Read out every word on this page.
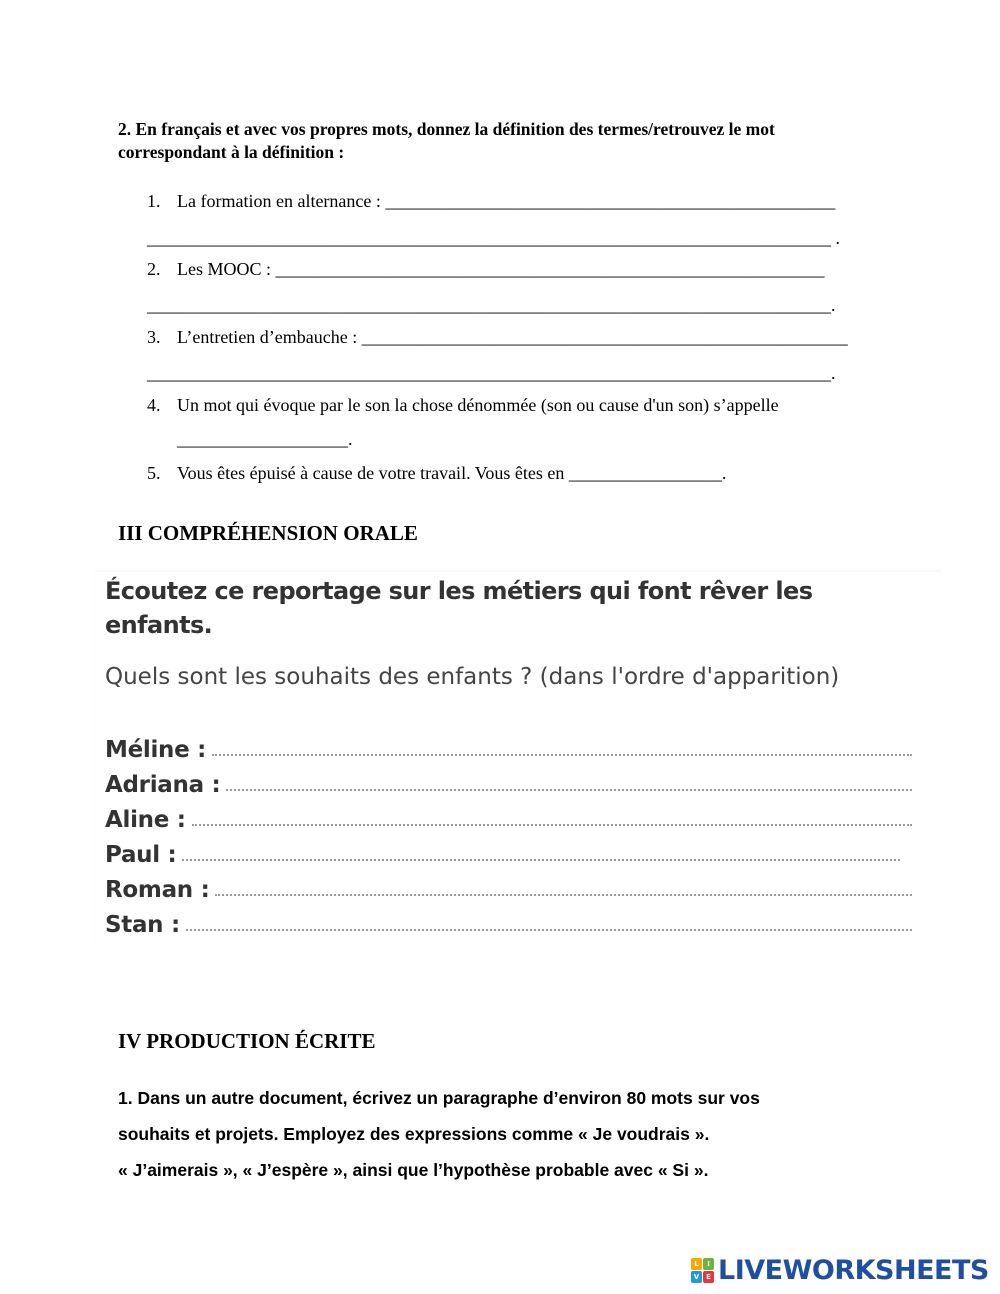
2. En français et avec vos propres mots, donnez la définition des termes/retrouvez le mot correspondant à la définition :
1. La formation en alternance : __________________________________________________
____________________________________________________________________________ .
2. Les MOOC : _____________________________________________________________
____________________________________________________________________________.
3. L’entretien d’embauche : ______________________________________________________
____________________________________________________________________________.
4. Un mot qui évoque par le son la chose dénommée (son ou cause d'un son) s’appelle
___________________.
5. Vous êtes épuisé à cause de votre travail. Vous êtes en _________________.
III COMPRÉHENSION ORALE
Écoutez ce reportage sur les métiers qui font rêver les enfants.
Quels sont les souhaits des enfants ? (dans l'ordre d'apparition)
Méline :
Adriana :
Aline :
Paul :
Roman :
Stan :
IV PRODUCTION ÉCRITE
1. Dans un autre document, écrivez un paragraphe d’environ 80 mots sur vos
souhaits et projets. Employez des expressions comme « Je voudrais ».
« J’aimerais », « J’espère », ainsi que l’hypothèse probable avec « Si ».
L	I
V E LIVEWORKSHEETS
